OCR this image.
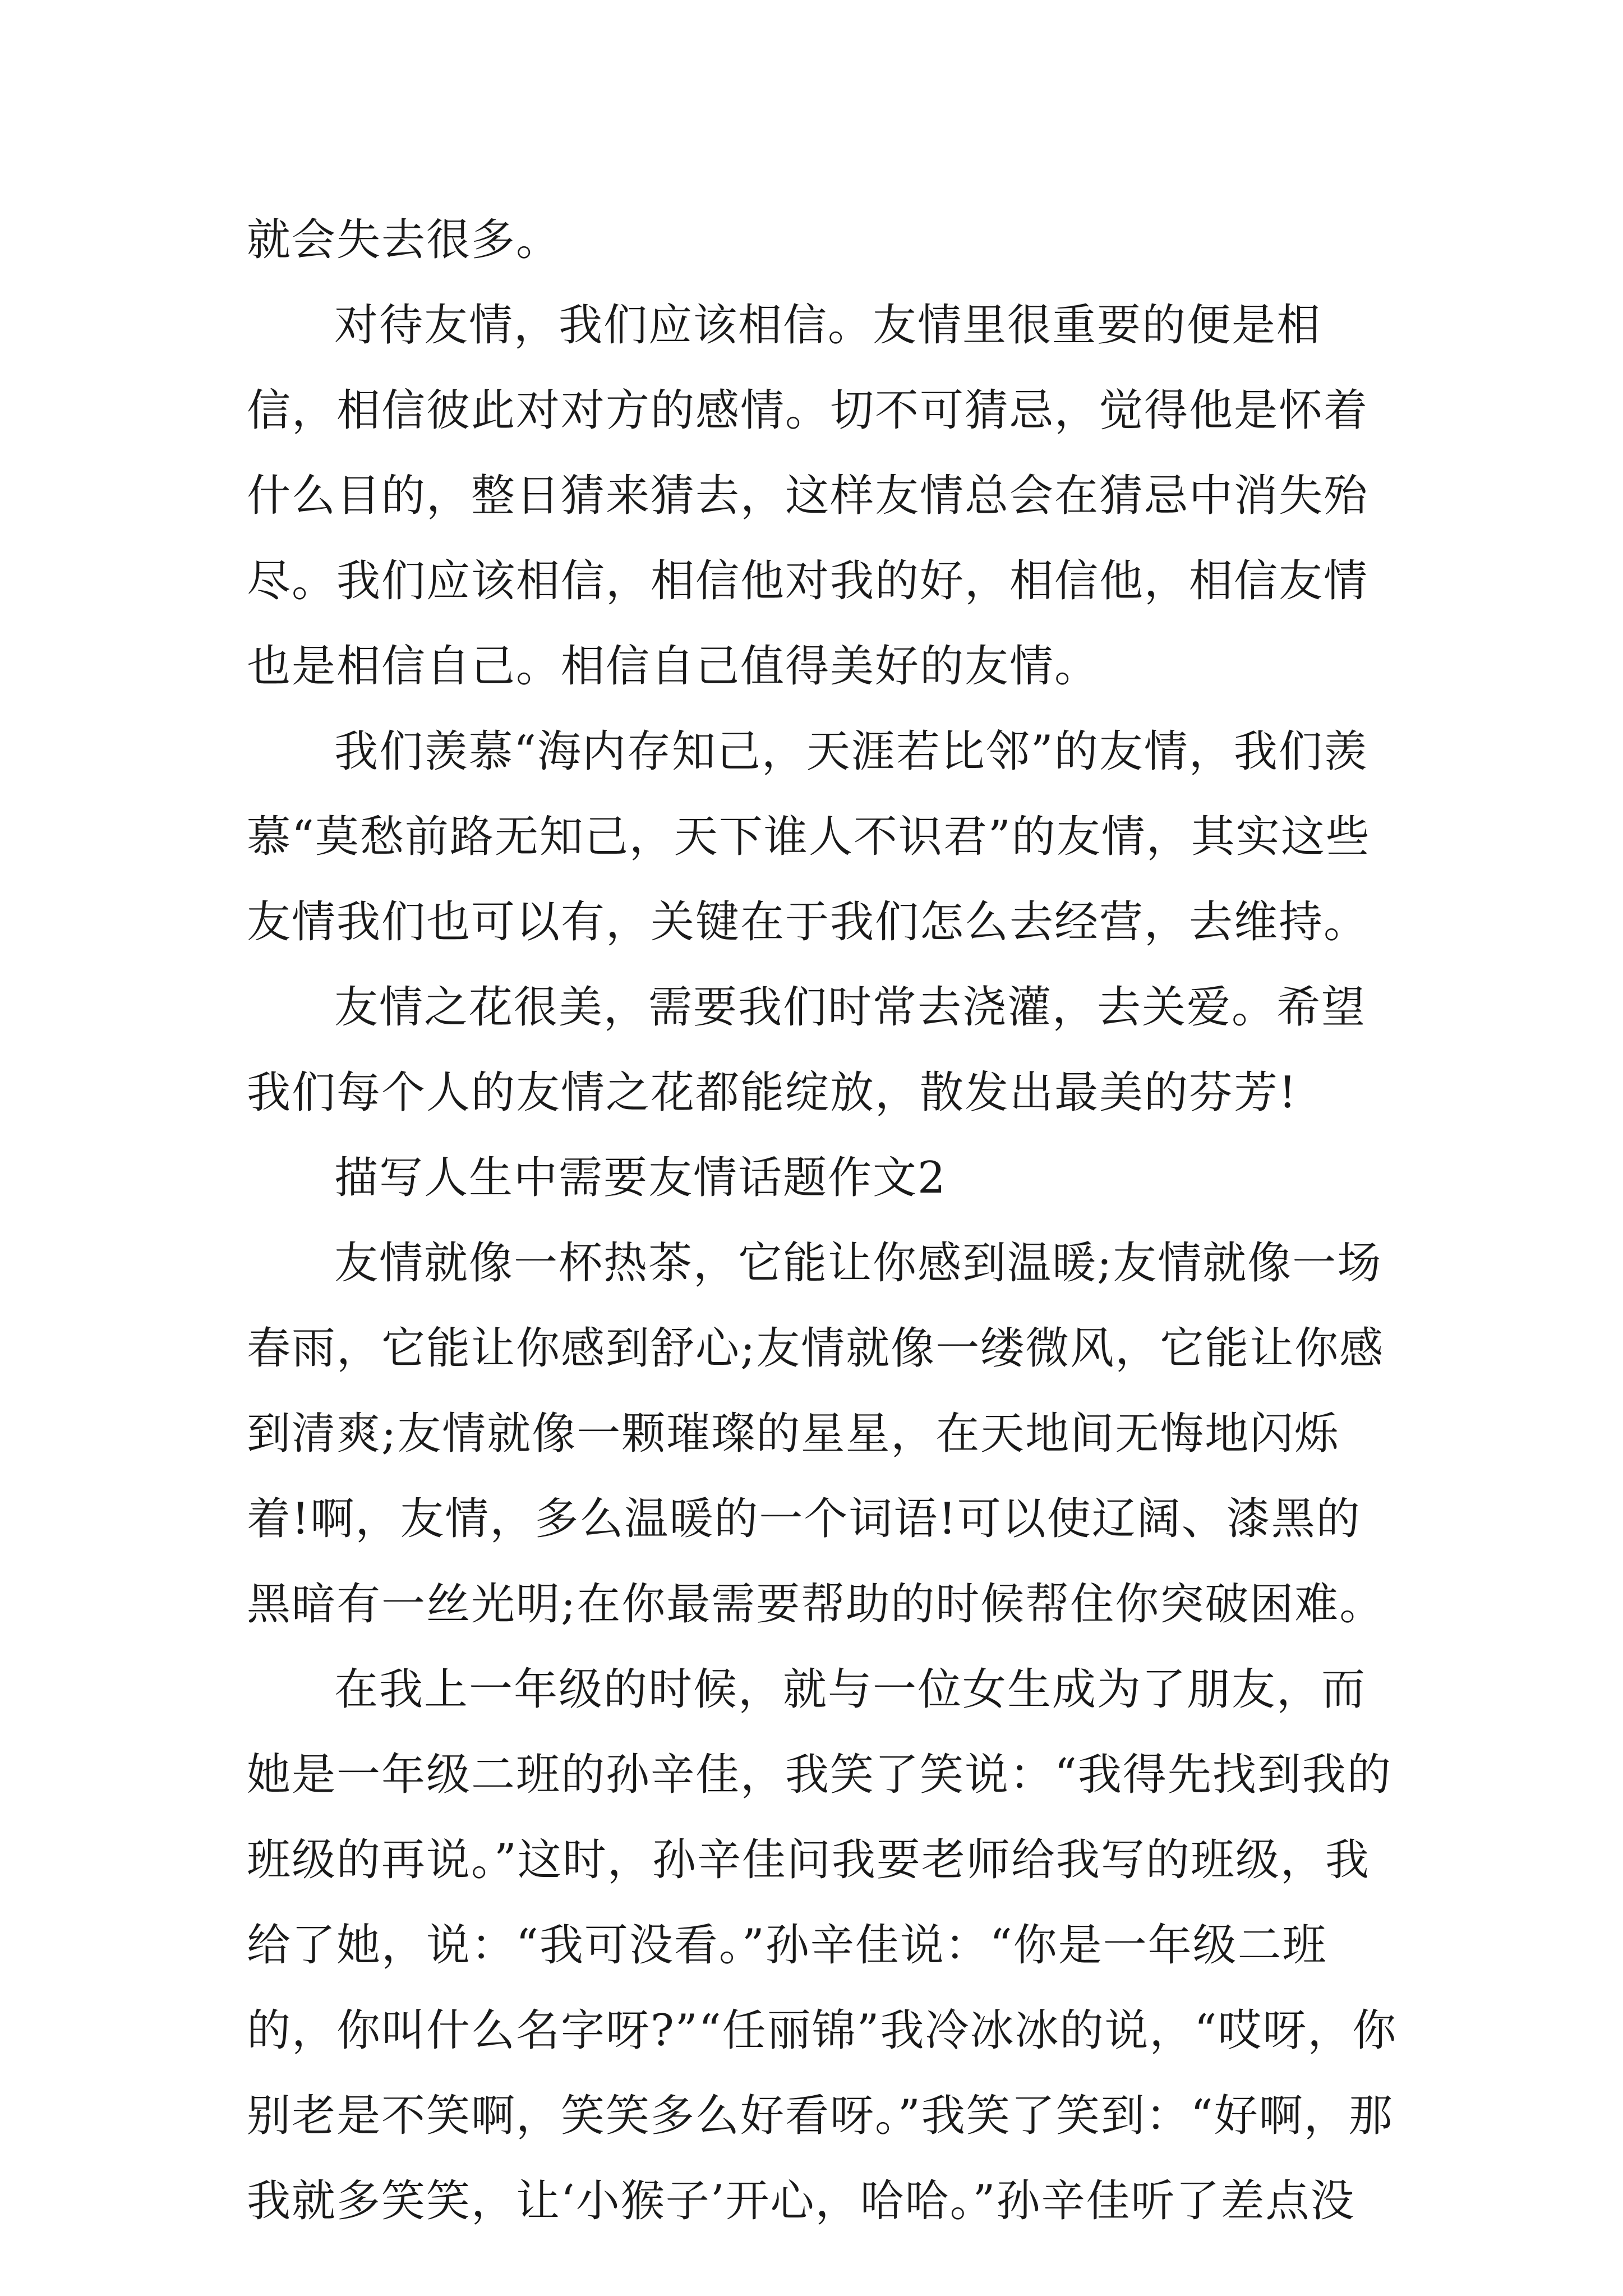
就会失去很多。

对待友情，我们应该相信。友情里很重要的便是相信，相信彼此对对方的感情。切不可猜忌，觉得他是怀着什么目的，整日猜来猜去，这样友情总会在猜忌中消失殆尽。我们应该相信，相信他对我的好，相信他，相信友情也是相信自己。相信自己值得美好的友情。

我们羡慕“海内存知己，天涯若比邻”的友情，我们羡慕“莫愁前路无知己，天下谁人不识君”的友情，其实这些友情我们也可以有，关键在于我们怎么去经营，去维持。

友情之花很美，需要我们时常去浇灌，去关爱。希望我们每个人的友情之花都能绽放，散发出最美的芬芳!

描写人生中需要友情话题作文2

友情就像一杯热茶，它能让你感到温暖;友情就像一场春雨，它能让你感到舒心;友情就像一缕微风，它能让你感到清爽;友情就像一颗璀璨的星星，在天地间无悔地闪烁着!啊，友情，多么温暖的一个词语!可以使辽阔、漆黑的黑暗有一丝光明;在你最需要帮助的时候帮住你突破困难。

在我上一年级的时候，就与一位女生成为了朋友，而她是一年级二班的孙辛佳，我笑了笑说：“我得先找到我的班级的再说。”这时，孙辛佳问我要老师给我写的班级，我给了她，说：“我可没看。”孙辛佳说：“你是一年级二班的，你叫什么名字呀?”“任丽锦”我冷冰冰的说，“哎呀，你别老是不笑啊，笑笑多么好看呀。”我笑了笑到：“好啊，那我就多笑笑，让‘小猴子’开心，哈哈。”孙辛佳听了差点没
